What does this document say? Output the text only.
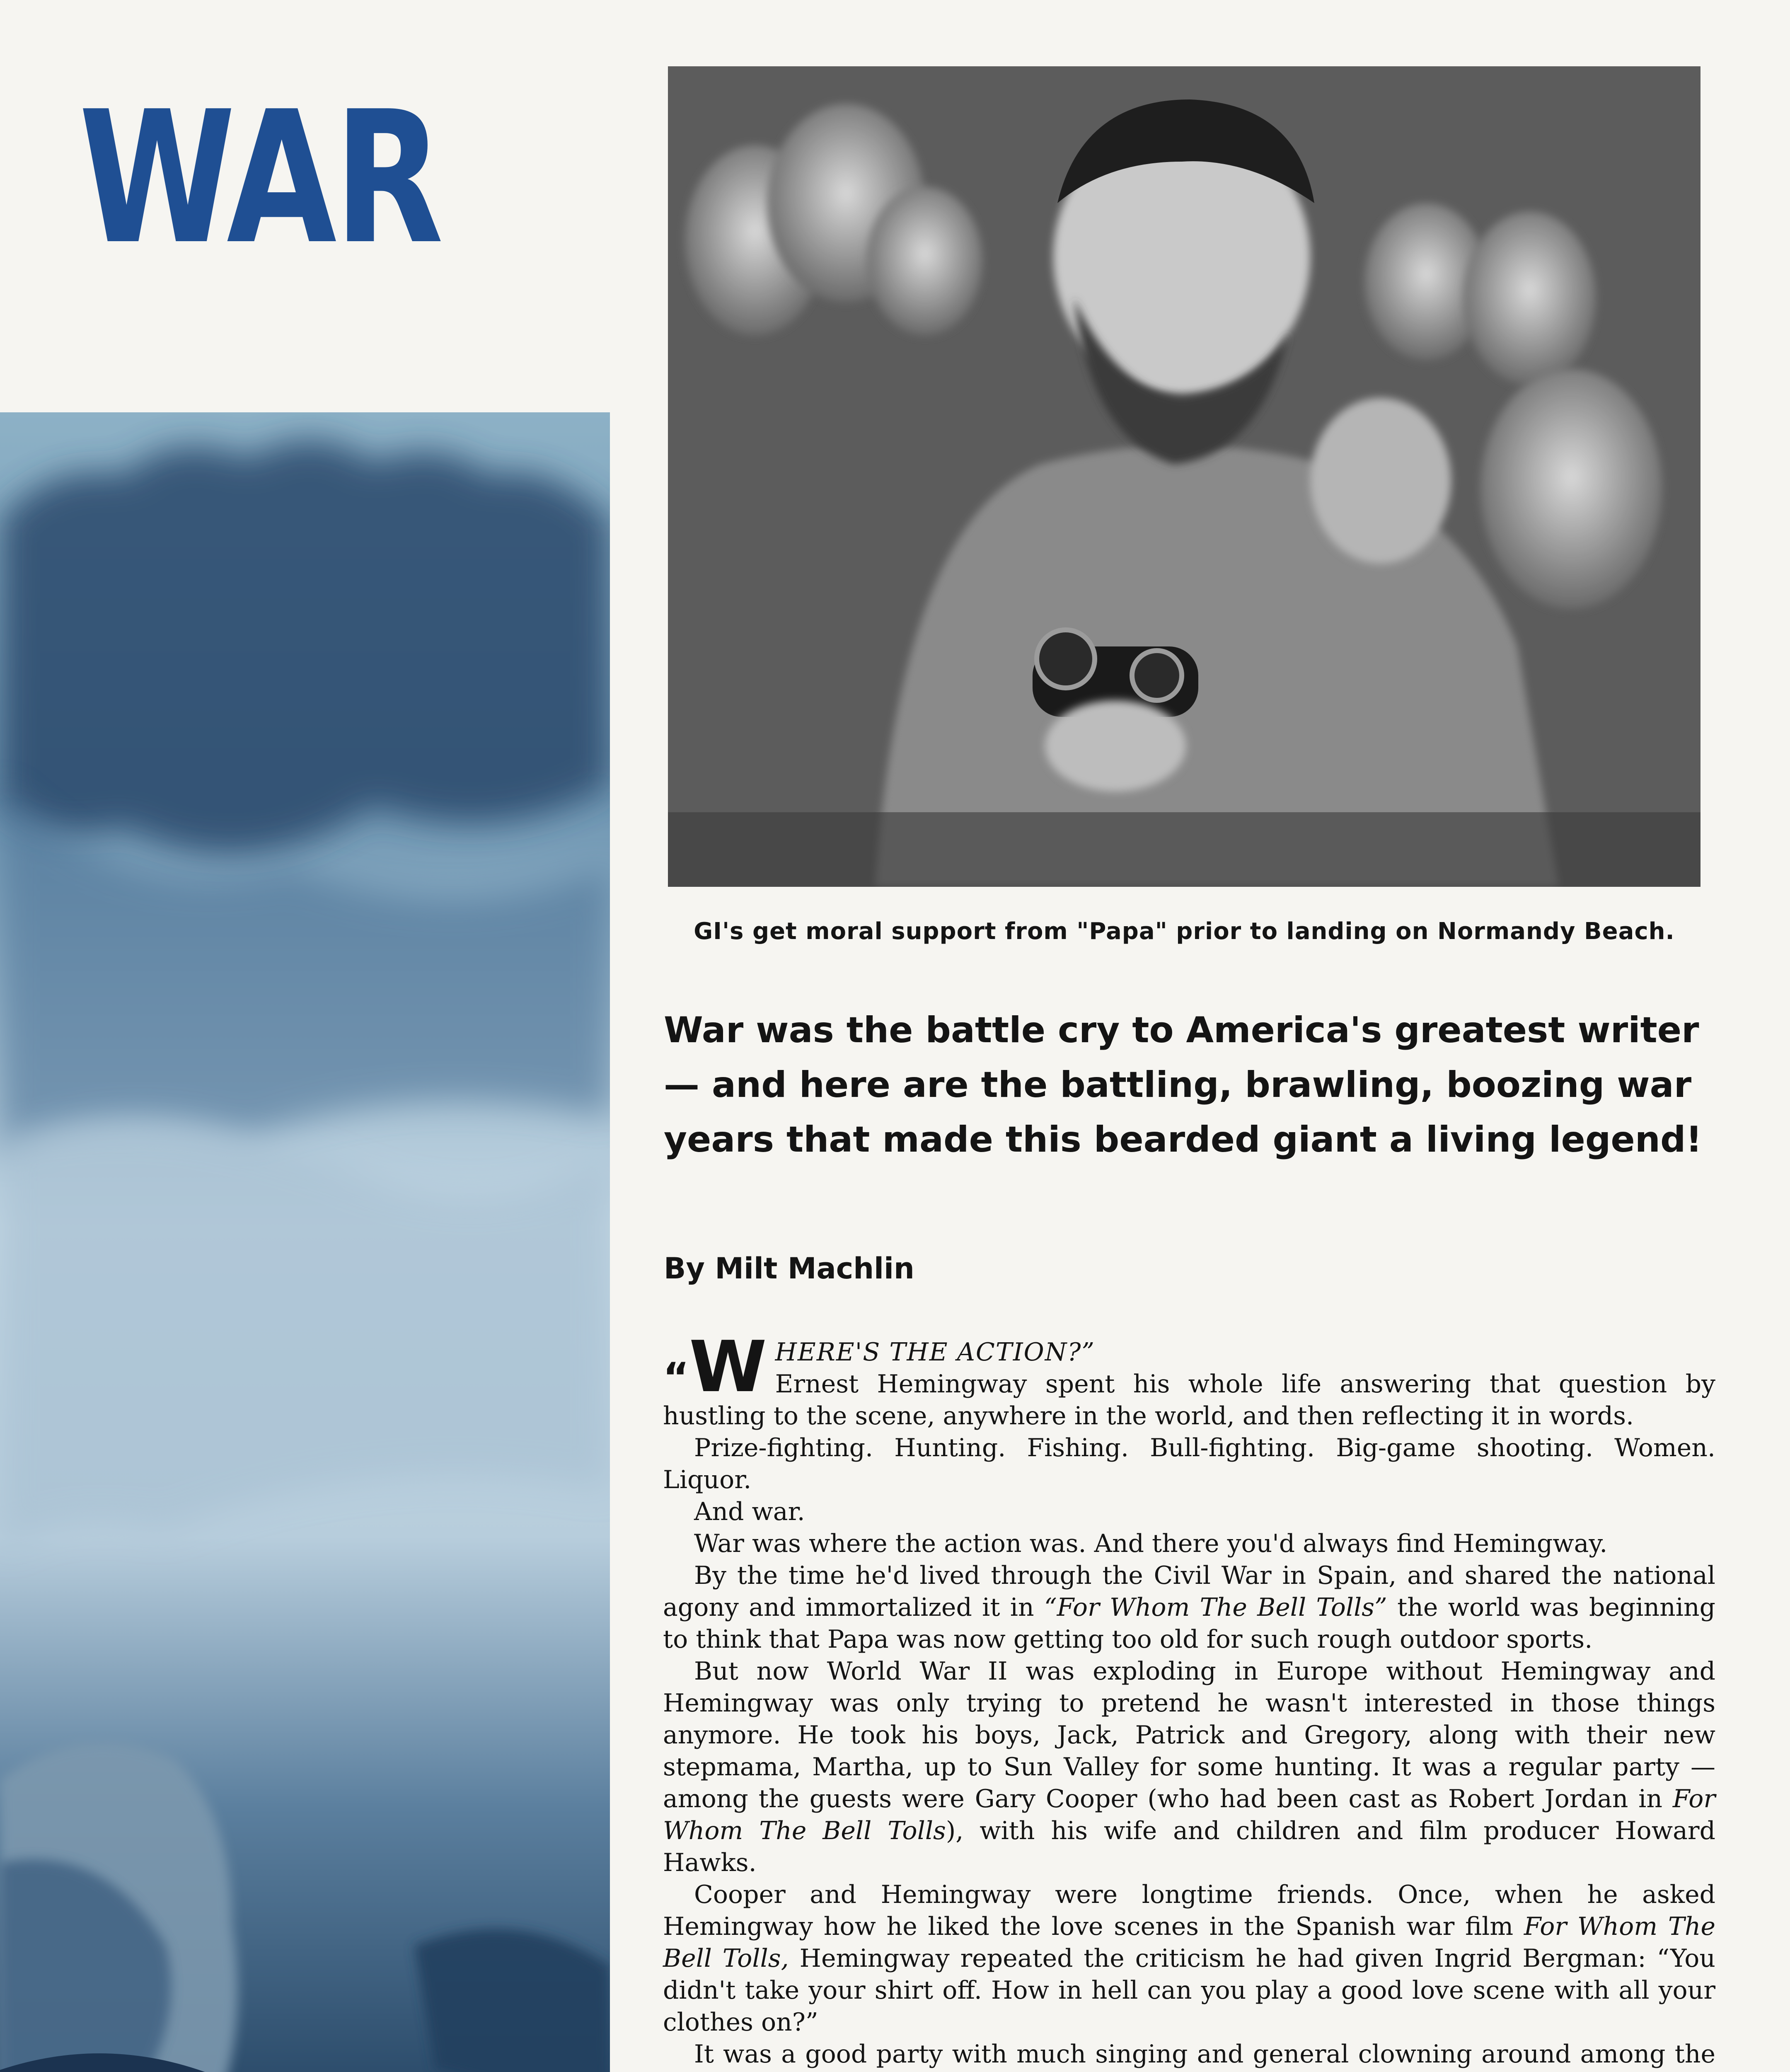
WAR
GI's get moral support from "Papa" prior to landing on Normandy Beach.
War was the battle cry to America's greatest writer — and here are the battling, brawling, boozing war years that made this bearded giant a living legend!
By Milt Machlin

“W HERE'S THE ACTION?”
Ernest Hemingway spent his whole life answering that question by hustling to the scene, anywhere in the world, and then reflecting it in words.

Prize-fighting. Hunting. Fishing. Bull-fighting. Big-game shooting. Women. Liquor.

And war.

War was where the action was. And there you'd always find Hemingway.

By the time he'd lived through the Civil War in Spain, and shared the national agony and immortalized it in “For Whom The Bell Tolls” the world was beginning to think that Papa was now getting too old for such rough outdoor sports.

But now World War II was exploding in Europe without Hemingway and Hemingway was only trying to pretend he wasn't interested in those things anymore. He took his boys, Jack, Patrick and Gregory, along with their new stepmama, Martha, up to Sun Valley for some hunting. It was a regular party — among the guests were Gary Cooper (who had been cast as Robert Jordan in For Whom The Bell Tolls), with his wife and children and film producer Howard Hawks.

Cooper and Hemingway were longtime friends. Once, when he asked Hemingway how he liked the love scenes in the Spanish war film For Whom The Bell Tolls, Hemingway repeated the criticism he had given Ingrid Bergman: “You didn't take your shirt off. How in hell can you play a good love scene with all your clothes on?”

It was a good party with much singing and general clowning around among the
